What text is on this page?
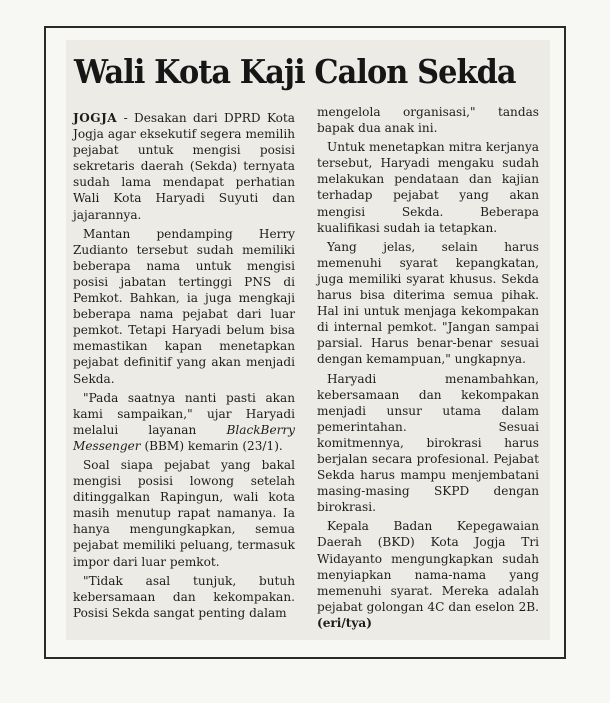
Wali Kota Kaji Calon Sekda

JOGJA - Desakan dari DPRD Kota Jogja agar eksekutif segera memilih pejabat untuk mengisi posisi sekretaris daerah (Sekda) ternyata sudah lama mendapat perhatian Wali Kota Haryadi Suyuti dan jajarannya.

Mantan pendamping Herry Zudianto tersebut sudah memiliki beberapa nama untuk mengisi posisi jabatan tertinggi PNS di Pemkot. Bahkan, ia juga mengkaji beberapa nama pejabat dari luar pemkot. Tetapi Haryadi belum bisa memastikan kapan menetapkan pejabat definitif yang akan menjadi Sekda.

"Pada saatnya nanti pasti akan kami sampaikan," ujar Haryadi melalui layanan BlackBerry Messenger (BBM) kemarin (23/1).

Soal siapa pejabat yang bakal mengisi posisi lowong setelah ditinggalkan Rapingun, wali kota masih menutup rapat namanya. Ia hanya mengungkapkan, semua pejabat memiliki peluang, termasuk impor dari luar pemkot.

"Tidak asal tunjuk, butuh kebersamaan dan kekompakan. Posisi Sekda sangat penting dalam

mengelola organisasi," tandas bapak dua anak ini.

Untuk menetapkan mitra kerjanya tersebut, Haryadi mengaku sudah melakukan pendataan dan kajian terhadap pejabat yang akan mengisi Sekda. Beberapa kualifikasi sudah ia tetapkan.

Yang jelas, selain harus memenuhi syarat kepangkatan, juga memiliki syarat khusus. Sekda harus bisa diterima semua pihak. Hal ini untuk menjaga kekompakan di internal pemkot. "Jangan sampai parsial. Harus benar-benar sesuai dengan kemampuan," ungkapnya.

Haryadi menambahkan, kebersamaan dan kekompakan menjadi unsur utama dalam pemerintahan. Sesuai komitmennya, birokrasi harus berjalan secara profesional. Pejabat Sekda harus mampu menjembatani masing-masing SKPD dengan birokrasi.

Kepala Badan Kepegawaian Daerah (BKD) Kota Jogja Tri Widayanto mengungkapkan sudah menyiapkan nama-nama yang memenuhi syarat. Mereka adalah pejabat golongan 4C dan eselon 2B. (eri/tya)
